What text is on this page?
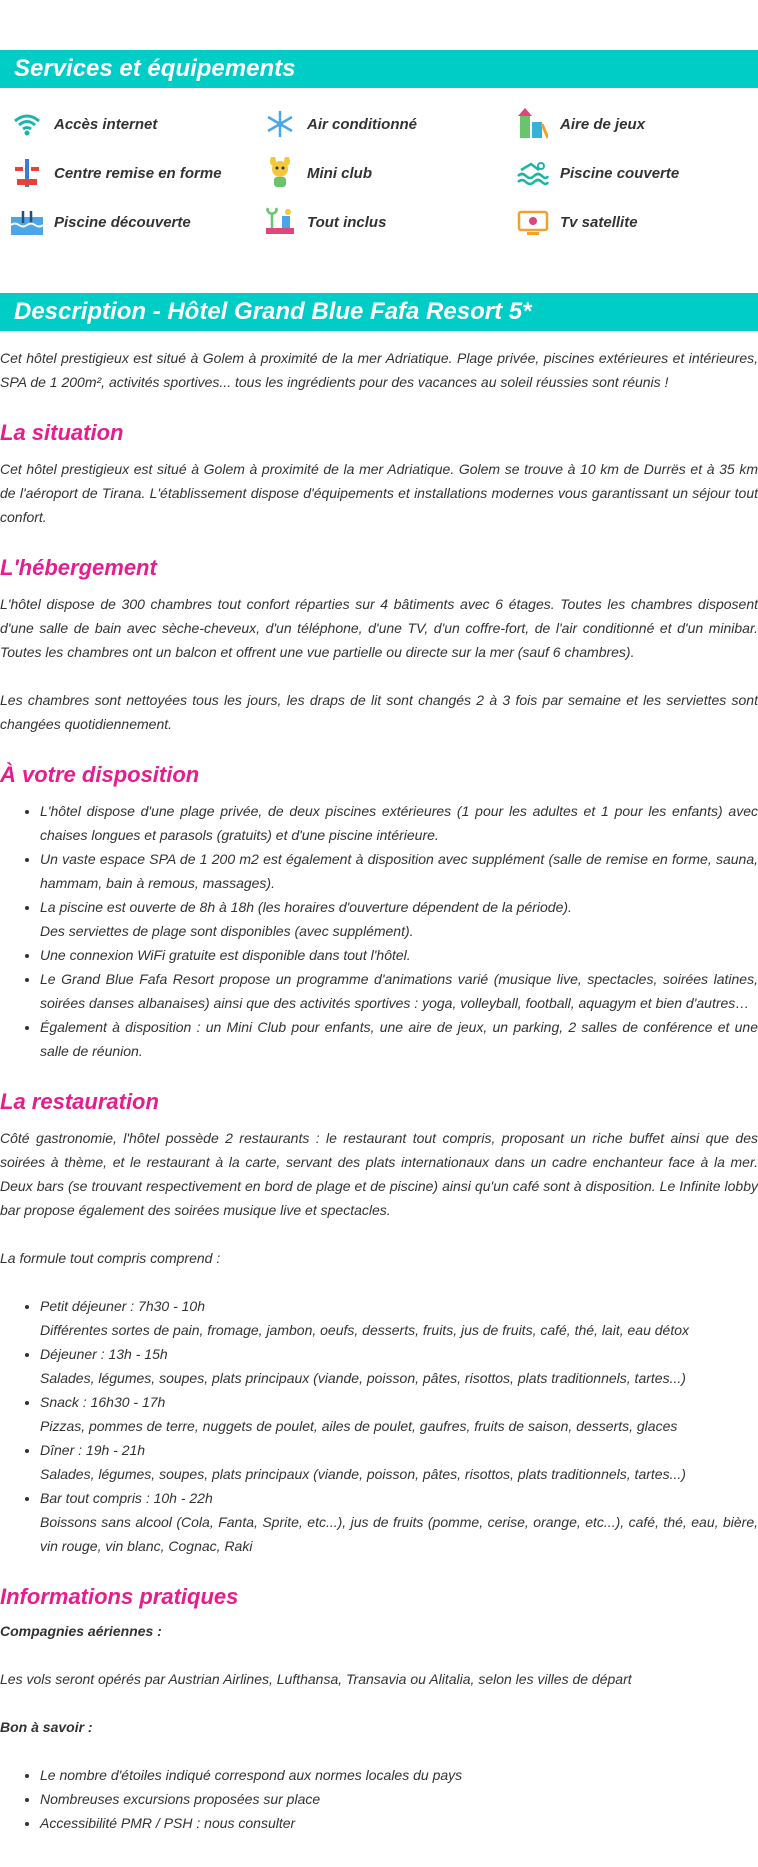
Services et équipements
Accès internet	Air conditionné	Aire de jeux
Centre remise en forme	Mini club	Piscine couverte
Piscine découverte	Tout inclus	Tv satellite
Description - Hôtel Grand Blue Fafa Resort 5*

Cet hôtel prestigieux est situé à Golem à proximité de la mer Adriatique. Plage privée, piscines extérieures et intérieures, SPA de 1 200m², activités sportives... tous les ingrédients pour des vacances au soleil réussies sont réunis !

La situation

Cet hôtel prestigieux est situé à Golem à proximité de la mer Adriatique. Golem se trouve à 10 km de Durrës et à 35 km de l'aéroport de Tirana. L'établissement dispose d'équipements et installations modernes vous garantissant un séjour tout confort.

L'hébergement

L'hôtel dispose de 300 chambres tout confort réparties sur 4 bâtiments avec 6 étages. Toutes les chambres disposent d'une salle de bain avec sèche-cheveux, d'un téléphone, d'une TV, d'un coffre-fort, de l'air conditionné et d'un minibar. Toutes les chambres ont un balcon et offrent une vue partielle ou directe sur la mer (sauf 6 chambres).

Les chambres sont nettoyées tous les jours, les draps de lit sont changés 2 à 3 fois par semaine et les serviettes sont changées quotidiennement.

À votre disposition
• L'hôtel dispose d'une plage privée, de deux piscines extérieures (1 pour les adultes et 1 pour les enfants) avec chaises longues et parasols (gratuits) et d'une piscine intérieure.
• Un vaste espace SPA de 1 200 m2 est également à disposition avec supplément (salle de remise en forme, sauna, hammam, bain à remous, massages).
• La piscine est ouverte de 8h à 18h (les horaires d'ouverture dépendent de la période).
Des serviettes de plage sont disponibles (avec supplément).
• Une connexion WiFi gratuite est disponible dans tout l'hôtel.
• Le Grand Blue Fafa Resort propose un programme d'animations varié (musique live, spectacles, soirées latines, soirées danses albanaises) ainsi que des activités sportives : yoga, volleyball, football, aquagym et bien d'autres…
• Également à disposition : un Mini Club pour enfants, une aire de jeux, un parking, 2 salles de conférence et une salle de réunion.
La restauration

Côté gastronomie, l'hôtel possède 2 restaurants : le restaurant tout compris, proposant un riche buffet ainsi que des soirées à thème, et le restaurant à la carte, servant des plats internationaux dans un cadre enchanteur face à la mer. Deux bars (se trouvant respectivement en bord de plage et de piscine) ainsi qu'un café sont à disposition. Le Infinite lobby bar propose également des soirées musique live et spectacles.

La formule tout compris comprend :

• Petit déjeuner : 7h30 - 10h
Différentes sortes de pain, fromage, jambon, oeufs, desserts, fruits, jus de fruits, café, thé, lait, eau détox
• Déjeuner : 13h - 15h
Salades, légumes, soupes, plats principaux (viande, poisson, pâtes, risottos, plats traditionnels, tartes...)
• Snack : 16h30 - 17h
Pizzas, pommes de terre, nuggets de poulet, ailes de poulet, gaufres, fruits de saison, desserts, glaces
• Dîner : 19h - 21h
Salades, légumes, soupes, plats principaux (viande, poisson, pâtes, risottos, plats traditionnels, tartes...)
• Bar tout compris : 10h - 22h
Boissons sans alcool (Cola, Fanta, Sprite, etc...), jus de fruits (pomme, cerise, orange, etc...), café, thé, eau, bière, vin rouge, vin blanc, Cognac, Raki
Informations pratiques

Compagnies aériennes :

Les vols seront opérés par Austrian Airlines, Lufthansa, Transavia ou Alitalia, selon les villes de départ

Bon à savoir :

• Le nombre d'étoiles indiqué correspond aux normes locales du pays
• Nombreuses excursions proposées sur place
• Accessibilité PMR / PSH : nous consulter
